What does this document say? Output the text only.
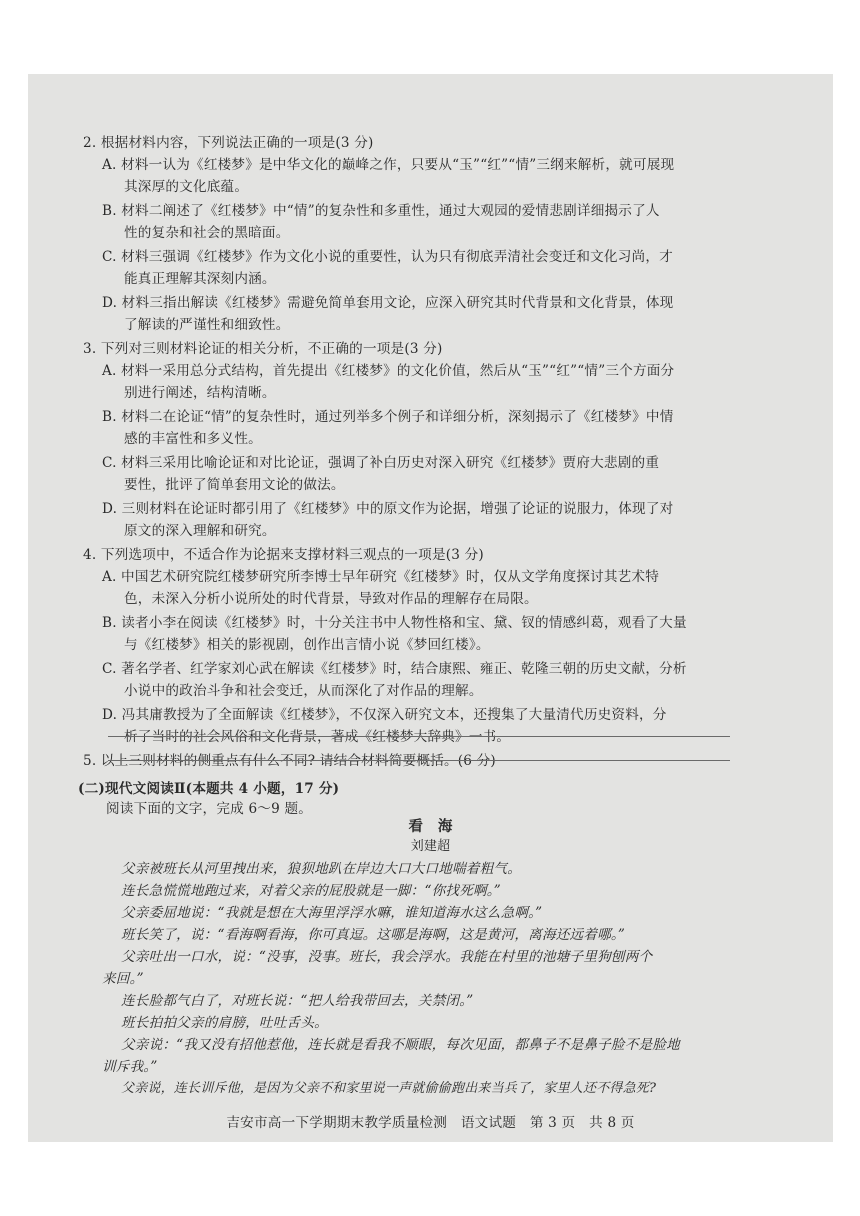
2. 根据材料内容，下列说法正确的一项是(3 分)
A. 材料一认为《红楼梦》是中华文化的巅峰之作，只要从“玉”“红”“情”三纲来解析，就可展现
其深厚的文化底蕴。
B. 材料二阐述了《红楼梦》中“情”的复杂性和多重性，通过大观园的爱情悲剧详细揭示了人
性的复杂和社会的黑暗面。
C. 材料三强调《红楼梦》作为文化小说的重要性，认为只有彻底弄清社会变迁和文化习尚，才
能真正理解其深刻内涵。
D. 材料三指出解读《红楼梦》需避免简单套用文论，应深入研究其时代背景和文化背景，体现
了解读的严谨性和细致性。
3. 下列对三则材料论证的相关分析，不正确的一项是(3 分)
A. 材料一采用总分式结构，首先提出《红楼梦》的文化价值，然后从“玉”“红”“情”三个方面分
别进行阐述，结构清晰。
B. 材料二在论证“情”的复杂性时，通过列举多个例子和详细分析，深刻揭示了《红楼梦》中情
感的丰富性和多义性。
C. 材料三采用比喻论证和对比论证，强调了补白历史对深入研究《红楼梦》贾府大悲剧的重
要性，批评了简单套用文论的做法。
D. 三则材料在论证时都引用了《红楼梦》中的原文作为论据，增强了论证的说服力，体现了对
原文的深入理解和研究。
4. 下列选项中，不适合作为论据来支撑材料三观点的一项是(3 分)
A. 中国艺术研究院红楼梦研究所李博士早年研究《红楼梦》时，仅从文学角度探讨其艺术特
色，未深入分析小说所处的时代背景，导致对作品的理解存在局限。
B. 读者小李在阅读《红楼梦》时，十分关注书中人物性格和宝、黛、钗的情感纠葛，观看了大量
与《红楼梦》相关的影视剧，创作出言情小说《梦回红楼》。
C. 著名学者、红学家刘心武在解读《红楼梦》时，结合康熙、雍正、乾隆三朝的历史文献，分析
小说中的政治斗争和社会变迁，从而深化了对作品的理解。
D. 冯其庸教授为了全面解读《红楼梦》，不仅深入研究文本，还搜集了大量清代历史资料，分
析了当时的社会风俗和文化背景，著成《红楼梦大辞典》一书。
5. 以上三则材料的侧重点有什么不同? 请结合材料简要概括。(6 分)
(二)现代文阅读Ⅱ(本题共 4 小题，17 分)
阅读下面的文字，完成 6～9 题。
看　海
刘建超
父亲被班长从河里拽出来，狼狈地趴在岸边大口大口地喘着粗气。
连长急慌慌地跑过来，对着父亲的屁股就是一脚：“你找死啊。”
父亲委屈地说：“我就是想在大海里浮浮水嘛，谁知道海水这么急啊。”
班长笑了，说：“看海啊看海，你可真逗。这哪是海啊，这是黄河，离海还远着哪。”
父亲吐出一口水，说：“没事，没事。班长，我会浮水。我能在村里的池塘子里狗刨两个
来回。”
连长脸都气白了，对班长说：“把人给我带回去，关禁闭。”
班长拍拍父亲的肩膀，吐吐舌头。
父亲说：“我又没有招他惹他，连长就是看我不顺眼，每次见面，都鼻子不是鼻子脸不是脸地
训斥我。”
父亲说，连长训斥他，是因为父亲不和家里说一声就偷偷跑出来当兵了，家里人还不得急死?
吉安市高一下学期期末教学质量检测　语文试题　第 3 页　共 8 页
